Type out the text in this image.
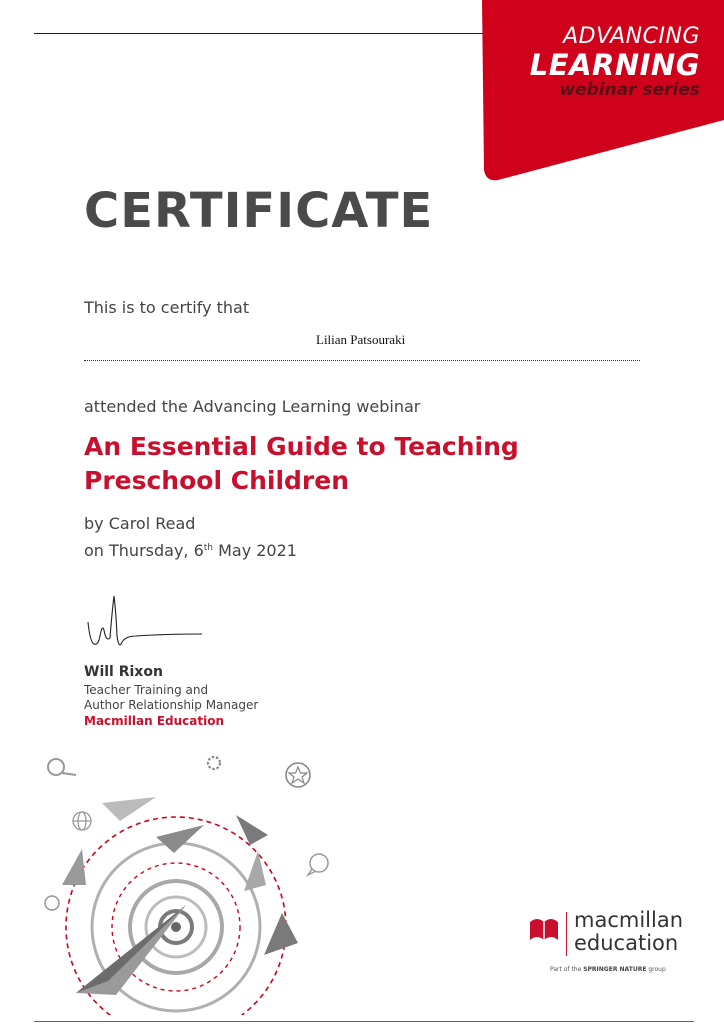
ADVANCING
LEARNING
webinar series
CERTIFICATE
This is to certify that
Lilian Patsouraki
attended the Advancing Learning webinar
An Essential Guide to Teaching Preschool Children
by Carol Read
on Thursday, 6th May 2021
Will Rixon
Teacher Training and
Author Relationship Manager
Macmillan Education
macmillan
education
Part of the SPRINGER NATURE group
